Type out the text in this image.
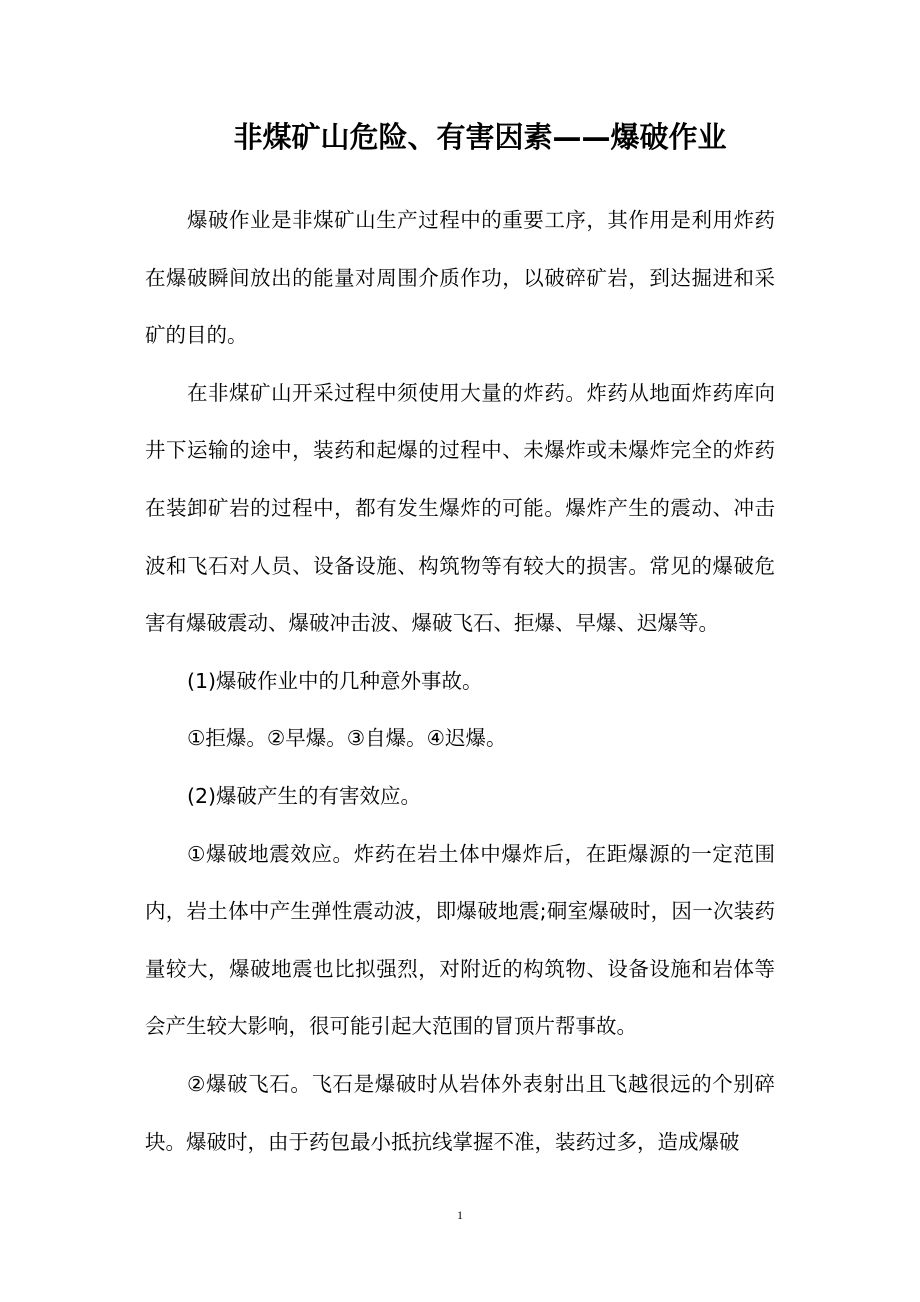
非煤矿山危险、有害因素——爆破作业

爆破作业是非煤矿山生产过程中的重要工序，其作用是利用炸药在爆破瞬间放出的能量对周围介质作功，以破碎矿岩，到达掘进和采矿的目的。

在非煤矿山开采过程中须使用大量的炸药。炸药从地面炸药库向井下运输的途中，装药和起爆的过程中、未爆炸或未爆炸完全的炸药在装卸矿岩的过程中，都有发生爆炸的可能。爆炸产生的震动、冲击波和飞石对人员、设备设施、构筑物等有较大的损害。常见的爆破危害有爆破震动、爆破冲击波、爆破飞石、拒爆、早爆、迟爆等。

(1)爆破作业中的几种意外事故。

①拒爆。②早爆。③自爆。④迟爆。

(2)爆破产生的有害效应。

①爆破地震效应。炸药在岩土体中爆炸后，在距爆源的一定范围内，岩土体中产生弹性震动波，即爆破地震;硐室爆破时，因一次装药量较大，爆破地震也比拟强烈，对附近的构筑物、设备设施和岩体等会产生较大影响，很可能引起大范围的冒顶片帮事故。

②爆破飞石。飞石是爆破时从岩体外表射出且飞越很远的个别碎块。爆破时，由于药包最小抵抗线掌握不准，装药过多，造成爆破

1
